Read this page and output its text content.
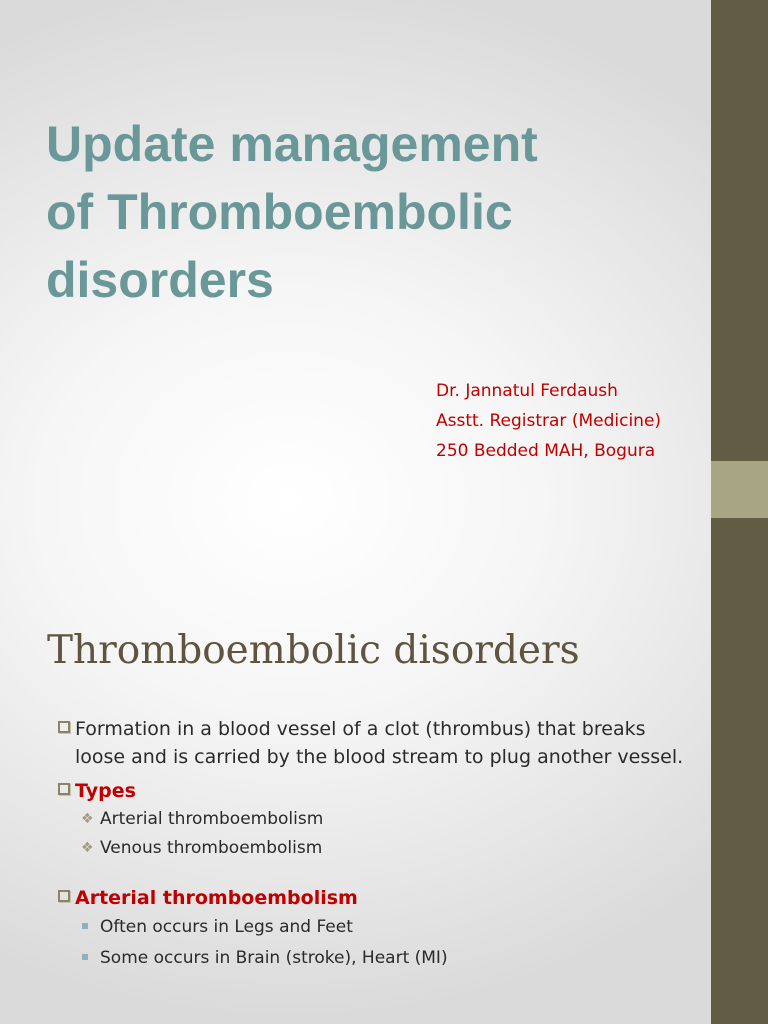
Update management
of Thromboembolic
disorders
Dr. Jannatul Ferdaush
Asstt. Registrar (Medicine)
250 Bedded MAH, Bogura
Thromboembolic disorders
Formation in a blood vessel of a clot (thrombus) that breaks loose and is carried by the blood stream to plug another vessel.
Types
❖ Arterial thromboembolism
❖ Venous thromboembolism
Arterial thromboembolism
Often occurs in Legs and Feet
Some occurs in Brain (stroke), Heart (MI)
